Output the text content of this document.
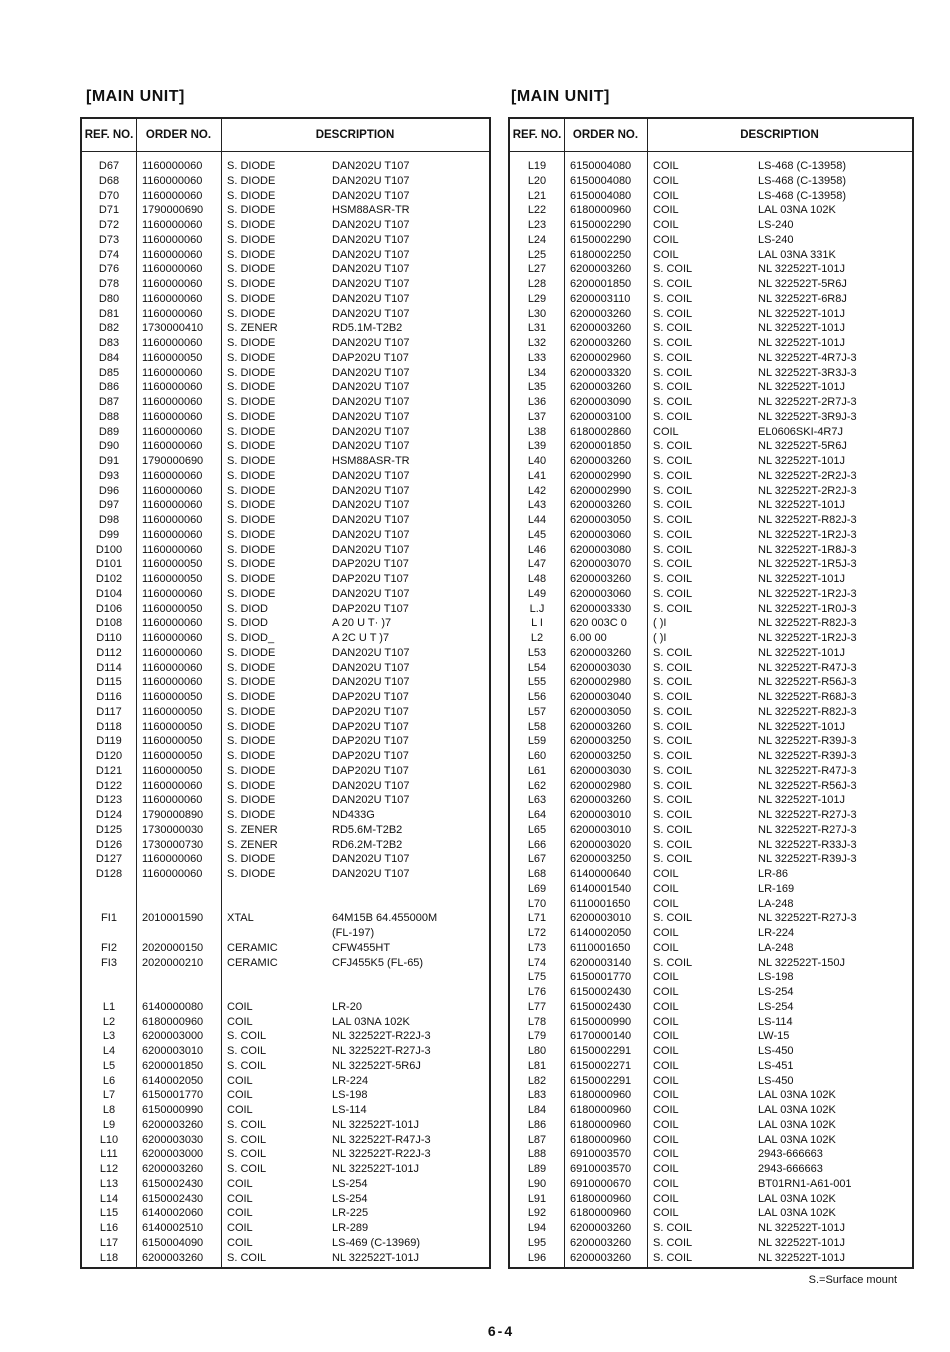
[MAIN UNIT]	[MAIN UNIT]
REF. NO.	ORDER NO.	DESCRIPTION
D67	1160000060 S. DIODE	DAN202U T107
D68	1160000060 S. DIODE	DAN202U T107
D70	1160000060 S. DIODE	DAN202U T107
D71	1790000690 S. DIODE	HSM88ASR-TR
D72	1160000060 S. DIODE	DAN202U T107
D73	1160000060 S. DIODE	DAN202U T107
D74	1160000060 S. DIODE	DAN202U T107
D76	1160000060 S. DIODE	DAN202U T107
D78	1160000060 S. DIODE	DAN202U T107
D80	1160000060 S. DIODE	DAN202U T107
D81	1160000060 S. DIODE	DAN202U T107
D82	1730000410 S. ZENER	RD5.1M-T2B2
D83	1160000060 S. DIODE	DAN202U T107
D84	1160000050 S. DIODE	DAP202U T107
D85	1160000060 S. DIODE	DAN202U T107
D86	1160000060 S. DIODE	DAN202U T107
D87	1160000060 S. DIODE	DAN202U T107
D88	1160000060 S. DIODE	DAN202U T107
D89	1160000060 S. DIODE	DAN202U T107
D90	1160000060 S. DIODE	DAN202U T107
D91	1790000690 S. DIODE	HSM88ASR-TR
D93	1160000060 S. DIODE	DAN202U T107
D96	1160000060 S. DIODE	DAN202U T107
D97	1160000060 S. DIODE	DAN202U T107
D98	1160000060 S. DIODE	DAN202U T107
D99	1160000060 S. DIODE	DAN202U T107
D100	1160000060 S. DIODE	DAN202U T107
D101	1160000050 S. DIODE	DAP202U T107
D102	1160000050 S. DIODE	DAP202U T107
D104	1160000060 S. DIODE	DAN202U T107
D106	1160000050 S. DIOD	DAP202U T107
D108	1160000060 S. DIOD	A 20 U T· )7
D110	1160000060 S. DIOD_	A 2C U T )7
D112	1160000060 S. DIODE	DAN202U T107
D114	1160000060 S. DIODE	DAN202U T107
D115	1160000060 S. DIODE	DAN202U T107
D116	1160000050 S. DIODE	DAP202U T107
D117	1160000050 S. DIODE	DAP202U T107
D118	1160000050 S. DIODE	DAP202U T107
D119	1160000050 S. DIODE	DAP202U T107
D120	1160000050 S. DIODE	DAP202U T107
D121	1160000050 S. DIODE	DAP202U T107
D122	1160000060 S. DIODE	DAN202U T107
D123	1160000060 S. DIODE	DAN202U T107
D124	1790000890 S. DIODE	ND433G
D125	1730000030 S. ZENER	RD5.6M-T2B2
D126	1730000730 S. ZENER	RD6.2M-T2B2
D127	1160000060 S. DIODE	DAN202U T107
D128	1160000060 S. DIODE	DAN202U T107
FI1	2010001590 XTAL	64M15B 64.455000M
(FL-197)
FI2	2020000150 CERAMIC	CFW455HT
FI3	2020000210 CERAMIC	CFJ455K5 (FL-65)
L1	6140000080 COIL	LR-20
L2	6180000960 COIL	LAL 03NA 102K
L3	6200003000 S. COIL	NL 322522T-R22J-3
L4	6200003010 S. COIL	NL 322522T-R27J-3
L5	6200001850 S. COIL	NL 322522T-5R6J
L6	6140002050 COIL	LR-224
L7	6150001770 COIL	LS-198
L8	6150000990 COIL	LS-114
L9	6200003260 S. COIL	NL 322522T-101J
L10	6200003030 S. COIL	NL 322522T-R47J-3
L11	6200003000 S. COIL	NL 322522T-R22J-3
L12	6200003260 S. COIL	NL 322522T-101J
L13	6150002430 COIL	LS-254
L14	6150002430 COIL	LS-254
L15	6140002060 COIL	LR-225
L16	6140002510 COIL	LR-289
L17	6150004090 COIL	LS-469 (C-13969)
L18	6200003260 S. COIL	NL 322522T-101J
REF. NO.	ORDER NO.	DESCRIPTION
L19	6150004080 COIL	LS-468 (C-13958)
L20	6150004080 COIL	LS-468 (C-13958)
L21	6150004080 COIL	LS-468 (C-13958)
L22	6180000960 COIL	LAL 03NA 102K
L23	6150002290 COIL	LS-240
L24	6150002290 COIL	LS-240
L25	6180002250 COIL	LAL 03NA 331K
L27	6200003260 S. COIL	NL 322522T-101J
L28	6200001850 S. COIL	NL 322522T-5R6J
L29	6200003110 S. COIL	NL 322522T-6R8J
L30	6200003260 S. COIL	NL 322522T-101J
L31	6200003260 S. COIL	NL 322522T-101J
L32	6200003260 S. COIL	NL 322522T-101J
L33	6200002960 S. COIL	NL 322522T-4R7J-3
L34	6200003320 S. COIL	NL 322522T-3R3J-3
L35	6200003260 S. COIL	NL 322522T-101J
L36	6200003090 S. COIL	NL 322522T-2R7J-3
L37	6200003100 S. COIL	NL 322522T-3R9J-3
L38	6180002860 COIL	EL0606SKI-4R7J
L39	6200001850 S. COIL	NL 322522T-5R6J
L40	6200003260 S. COIL	NL 322522T-101J
L41	6200002990 S. COIL	NL 322522T-2R2J-3
L42	6200002990 S. COIL	NL 322522T-2R2J-3
L43	6200003260 S. COIL	NL 322522T-101J
L44	6200003050 S. COIL	NL 322522T-R82J-3
L45	6200003060 S. COIL	NL 322522T-1R2J-3
L46	6200003080 S. COIL	NL 322522T-1R8J-3
L47	6200003070 S. COIL	NL 322522T-1R5J-3
L48	6200003260 S. COIL	NL 322522T-101J
L49	6200003060 S. COIL	NL 322522T-1R2J-3
L.J	6200003330 S. COIL	NL 322522T-1R0J-3
L I	620 003C 0 ( )I	NL 322522T-R82J-3
L2	6.00 00	( )I	NL 322522T-1R2J-3
L53	6200003260 S. COIL	NL 322522T-101J
L54	6200003030 S. COIL	NL 322522T-R47J-3
L55	6200002980 S. COIL	NL 322522T-R56J-3
L56	6200003040 S. COIL	NL 322522T-R68J-3
L57	6200003050 S. COIL	NL 322522T-R82J-3
L58	6200003260 S. COIL	NL 322522T-101J
L59	6200003250 S. COIL	NL 322522T-R39J-3
L60	6200003250 S. COIL	NL 322522T-R39J-3
L61	6200003030 S. COIL	NL 322522T-R47J-3
L62	6200002980 S. COIL	NL 322522T-R56J-3
L63	6200003260 S. COIL	NL 322522T-101J
L64	6200003010 S. COIL	NL 322522T-R27J-3
L65	6200003010 S. COIL	NL 322522T-R27J-3
L66	6200003020 S. COIL	NL 322522T-R33J-3
L67	6200003250 S. COIL	NL 322522T-R39J-3
L68	6140000640 COIL	LR-86
L69	6140001540 COIL	LR-169
L70	6110001650 COIL	LA-248
L71	6200003010 S. COIL	NL 322522T-R27J-3
L72	6140002050 COIL	LR-224
L73	6110001650 COIL	LA-248
L74	6200003140 S. COIL	NL 322522T-150J
L75	6150001770 COIL	LS-198
L76	6150002430 COIL	LS-254
L77	6150002430 COIL	LS-254
L78	6150000990 COIL	LS-114
L79	6170000140 COIL	LW-15
L80	6150002291 COIL	LS-450
L81	6150002271 COIL	LS-451
L82	6150002291 COIL	LS-450
L83	6180000960 COIL	LAL 03NA 102K
L84	6180000960 COIL	LAL 03NA 102K
L86	6180000960 COIL	LAL 03NA 102K
L87	6180000960 COIL	LAL 03NA 102K
L88	6910003570 COIL	2943-666663
L89	6910003570 COIL	2943-666663
L90	6910000670 COIL	BT01RN1-A61-001
L91	6180000960 COIL	LAL 03NA 102K
L92	6180000960 COIL	LAL 03NA 102K
L94	6200003260 S. COIL	NL 322522T-101J
L95	6200003260 S. COIL	NL 322522T-101J
L96	6200003260 S. COIL	NL 322522T-101J
S.=Surface mount
6-4
